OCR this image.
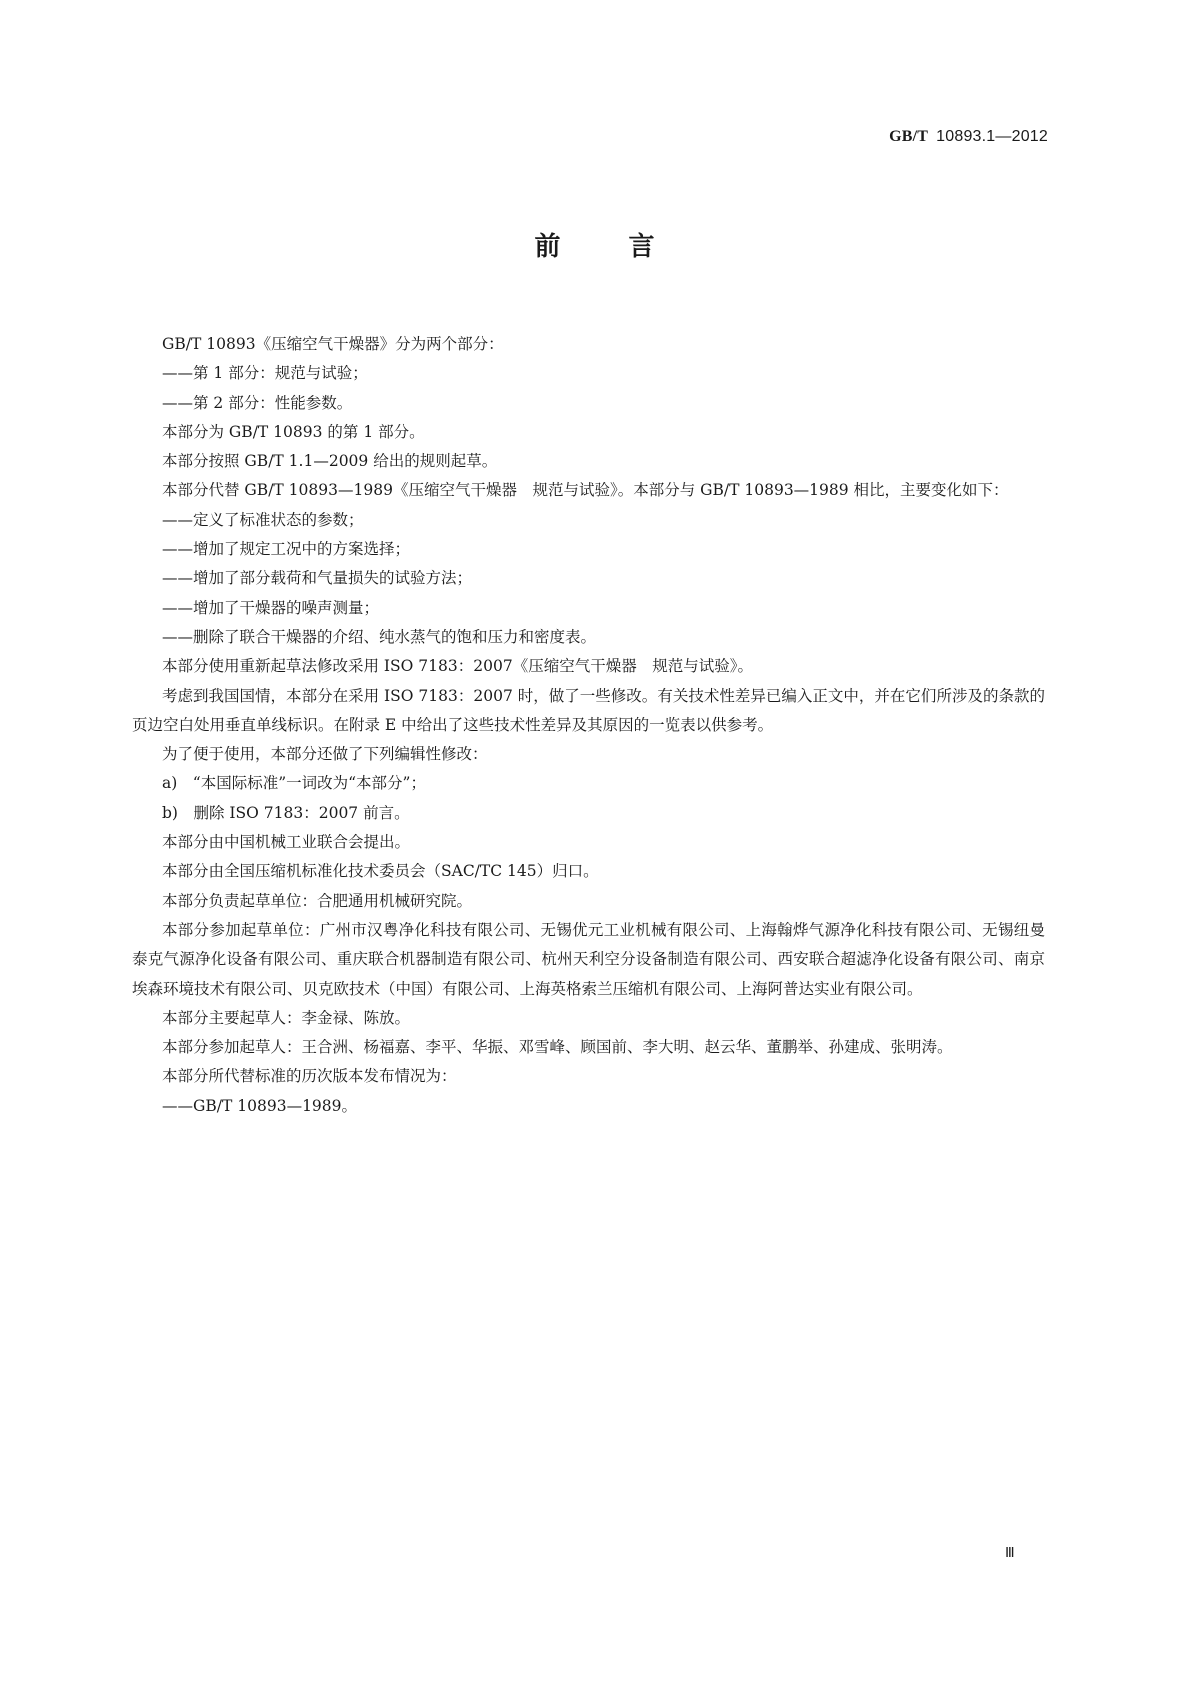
GB/T 10893.1—2012
前	言

GB/T 10893《压缩空气干燥器》分为两个部分：

——第 1 部分：规范与试验；

——第 2 部分：性能参数。

本部分为 GB/T 10893 的第 1 部分。

本部分按照 GB/T 1.1—2009 给出的规则起草。

本部分代替 GB/T 10893—1989《压缩空气干燥器　规范与试验》。本部分与 GB/T 10893—1989 相比，主要变化如下：

——定义了标准状态的参数；

——增加了规定工况中的方案选择；

——增加了部分载荷和气量损失的试验方法；

——增加了干燥器的噪声测量；

——删除了联合干燥器的介绍、纯水蒸气的饱和压力和密度表。

本部分使用重新起草法修改采用 ISO 7183：2007《压缩空气干燥器　规范与试验》。

考虑到我国国情，本部分在采用 ISO 7183：2007 时，做了一些修改。有关技术性差异已编入正文中，并在它们所涉及的条款的页边空白处用垂直单线标识。在附录 E 中给出了这些技术性差异及其原因的一览表以供参考。

为了便于使用，本部分还做了下列编辑性修改：

a)　“本国际标准”一词改为“本部分”；

b)　删除 ISO 7183：2007 前言。

本部分由中国机械工业联合会提出。

本部分由全国压缩机标准化技术委员会（SAC/TC 145）归口。

本部分负责起草单位：合肥通用机械研究院。

本部分参加起草单位：广州市汉粤净化科技有限公司、无锡优元工业机械有限公司、上海翰烨气源净化科技有限公司、无锡纽曼泰克气源净化设备有限公司、重庆联合机器制造有限公司、杭州天利空分设备制造有限公司、西安联合超滤净化设备有限公司、南京埃森环境技术有限公司、贝克欧技术（中国）有限公司、上海英格索兰压缩机有限公司、上海阿普达实业有限公司。

本部分主要起草人：李金禄、陈放。

本部分参加起草人：王合洲、杨福嘉、李平、华振、邓雪峰、顾国前、李大明、赵云华、董鹏举、孙建成、张明涛。

本部分所代替标准的历次版本发布情况为：

——GB/T 10893—1989。

Ⅲ
